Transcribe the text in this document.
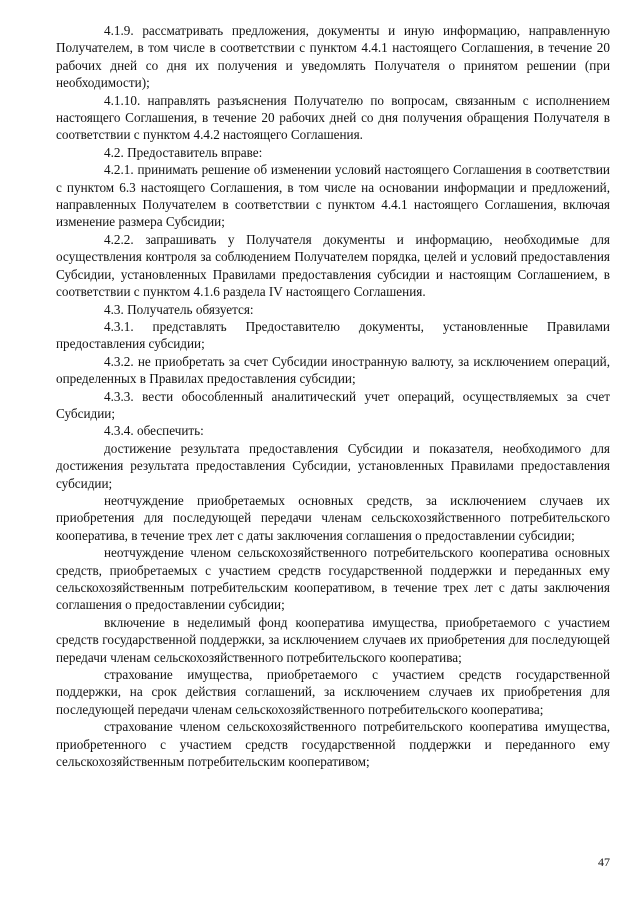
4.1.9. рассматривать предложения, документы и иную информацию, направленную Получателем, в том числе в соответствии с пунктом 4.4.1 настоящего Соглашения, в течение 20 рабочих дней со дня их получения и уведомлять Получателя о принятом решении (при необходимости);

4.1.10. направлять разъяснения Получателю по вопросам, связанным с исполнением настоящего Соглашения, в течение 20 рабочих дней со дня получения обращения Получателя в соответствии с пунктом 4.4.2 настоящего Соглашения.

4.2. Предоставитель вправе:

4.2.1. принимать решение об изменении условий настоящего Соглашения в соответствии с пунктом 6.3 настоящего Соглашения, в том числе на основании информации и предложений, направленных Получателем в соответствии с пунктом 4.4.1 настоящего Соглашения, включая изменение размера Субсидии;

4.2.2. запрашивать у Получателя документы и информацию, необходимые для осуществления контроля за соблюдением Получателем порядка, целей и условий предоставления Субсидии, установленных Правилами предоставления субсидии и настоящим Соглашением, в соответствии с пунктом 4.1.6 раздела IV настоящего Соглашения.

4.3. Получатель обязуется:

4.3.1. представлять Предоставителю документы, установленные Правилами предоставления субсидии;

4.3.2. не приобретать за счет Субсидии иностранную валюту, за исключением операций, определенных в Правилах предоставления субсидии;

4.3.3. вести обособленный аналитический учет операций, осуществляемых за счет Субсидии;

4.3.4. обеспечить:

достижение результата предоставления Субсидии и показателя, необходимого для достижения результата предоставления Субсидии, установленных Правилами предоставления субсидии;

неотчуждение приобретаемых основных средств, за исключением случаев их приобретения для последующей передачи членам сельскохозяйственного потребительского кооператива, в течение трех лет с даты заключения соглашения о предоставлении субсидии;

неотчуждение членом сельскохозяйственного потребительского кооператива основных средств, приобретаемых с участием средств государственной поддержки и переданных ему сельскохозяйственным потребительским кооперативом, в течение трех лет с даты заключения соглашения о предоставлении субсидии;

включение в неделимый фонд кооператива имущества, приобретаемого с участием средств государственной поддержки, за исключением случаев их приобретения для последующей передачи членам сельскохозяйственного потребительского кооператива;

страхование имущества, приобретаемого с участием средств государственной поддержки, на срок действия соглашений, за исключением случаев их приобретения для последующей передачи членам сельскохозяйственного потребительского кооператива;

страхование членом сельскохозяйственного потребительского кооператива имущества, приобретенного с участием средств государственной поддержки и переданного ему сельскохозяйственным потребительским кооперативом;

47
